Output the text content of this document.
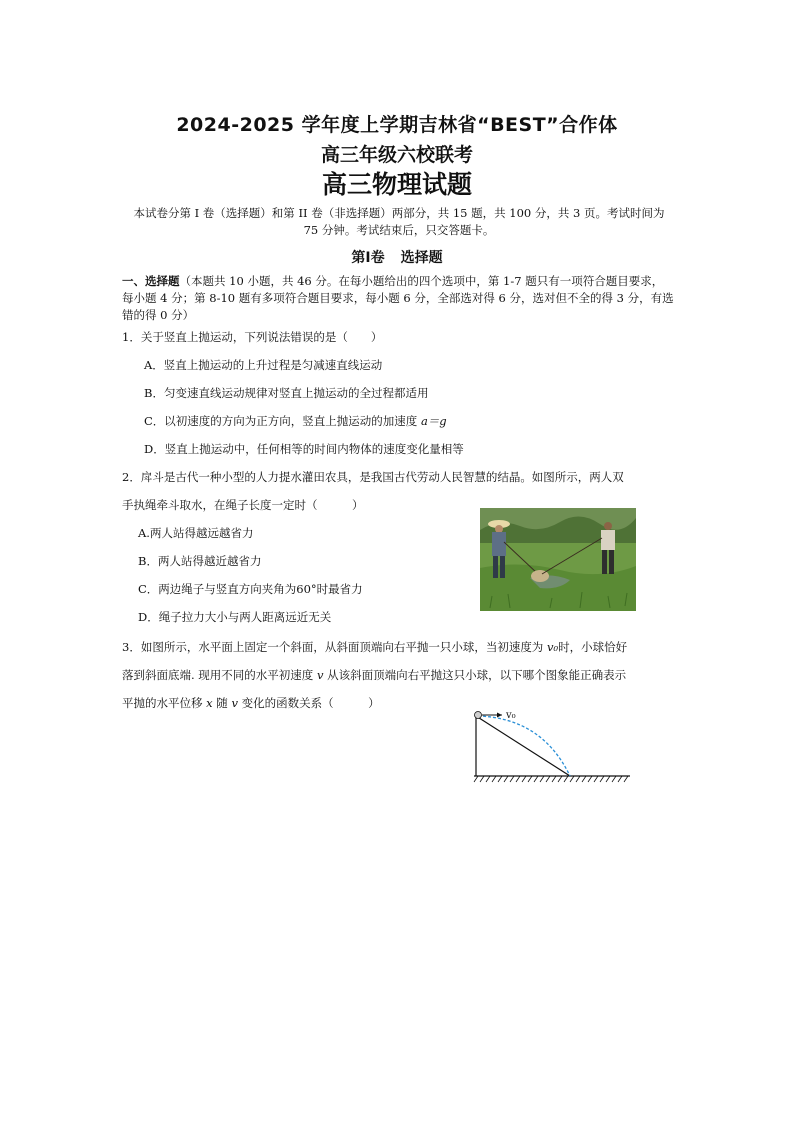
2024-2025 学年度上学期吉林省“BEST”合作体
高三年级六校联考
高三物理试题
本试卷分第 I 卷（选择题）和第 II 卷（非选择题）两部分，共 15 题，共 100 分，共 3 页。考试时间为 75 分钟。考试结束后，只交答题卡。
第Ⅰ卷 选择题
一、选择题（本题共 10 小题，共 46 分。在每小题给出的四个选项中，第 1-7 题只有一项符合题目要求，每小题 4 分；第 8-10 题有多项符合题目要求，每小题 6 分，全部选对得 6 分，选对但不全的得 3 分，有选错的得 0 分）
1．关于竖直上抛运动，下列说法错误的是（　　）
A．竖直上抛运动的上升过程是匀减速直线运动
B．匀变速直线运动规律对竖直上抛运动的全过程都适用
C．以初速度的方向为正方向，竖直上抛运动的加速度 a＝g
D．竖直上抛运动中，任何相等的时间内物体的速度变化量相等
2．戽斗是古代一种小型的人力提水灌田农具，是我国古代劳动人民智慧的结晶。如图所示，两人双
手执绳牵斗取水，在绳子长度一定时（　　　）
A.两人站得越远越省力
B．两人站得越近越省力
C．两边绳子与竖直方向夹角为60°时最省力
D．绳子拉力大小与两人距离远近无关
3．如图所示，水平面上固定一个斜面，从斜面顶端向右平抛一只小球，当初速度为 v₀时，小球恰好
落到斜面底端. 现用不同的水平初速度 v 从该斜面顶端向右平抛这只小球，以下哪个图象能正确表示
平抛的水平位移 x 随 v 变化的函数关系（　　　）
v₀
